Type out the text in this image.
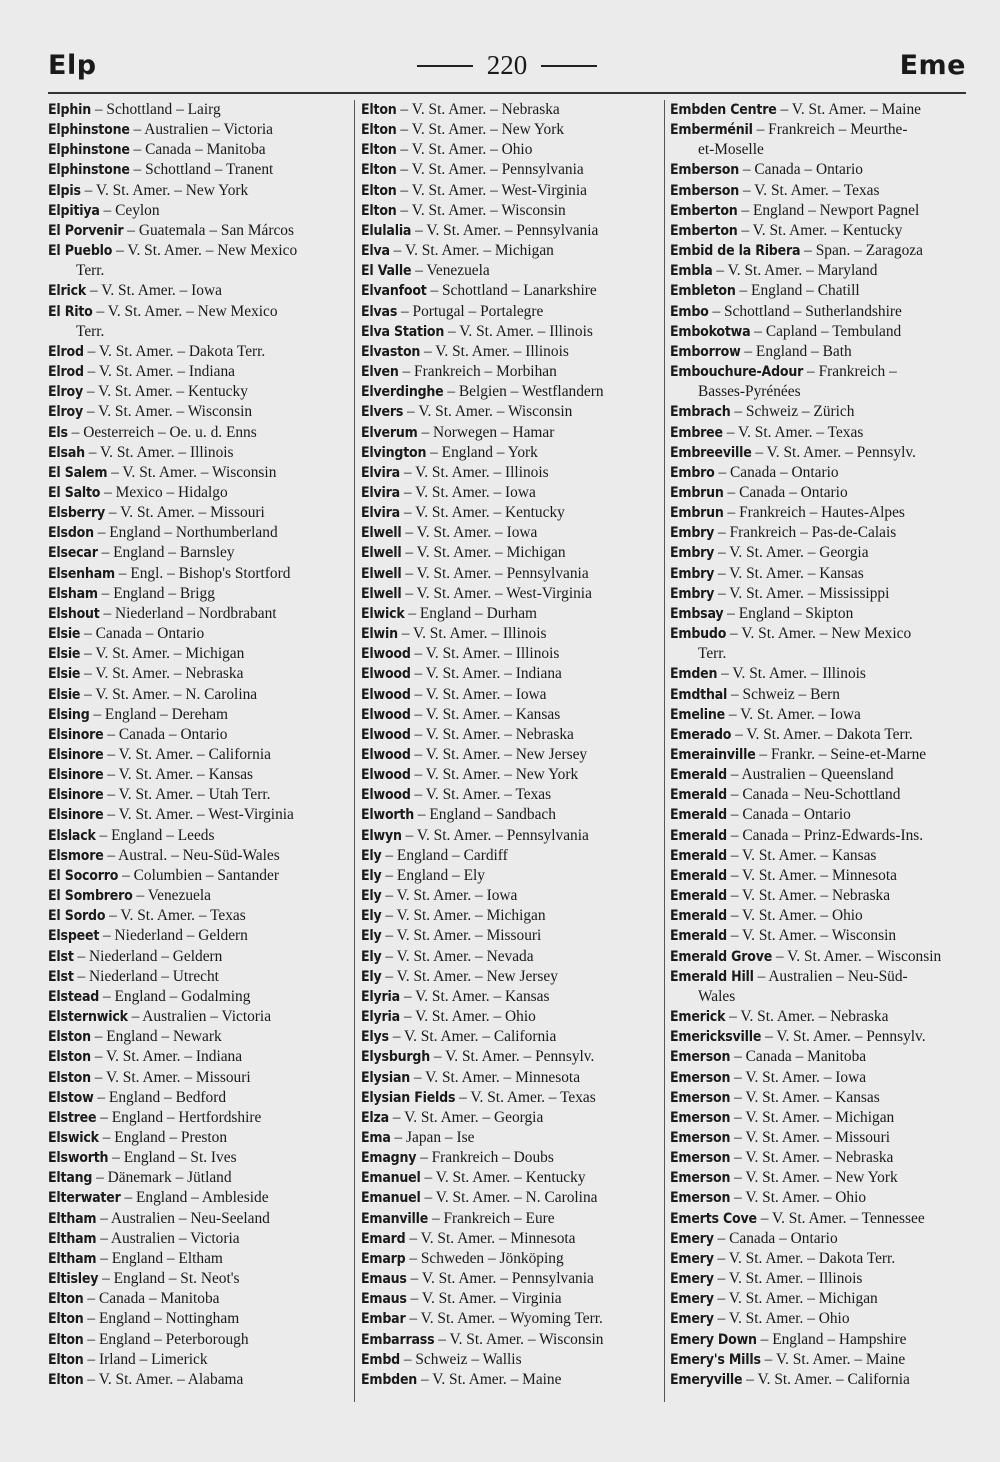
Elp	220	Eme
Elphin – Schottland – Lairg
Elphinstone – Australien – Victoria
Elphinstone – Canada – Manitoba
Elphinstone – Schottland – Tranent
Elpis – V. St. Amer. – New York
Elpitiya – Ceylon
El Porvenir – Guatemala – San Márcos
El Pueblo – V. St. Amer. – New Mexico
Terr.
Elrick – V. St. Amer. – Iowa
El Rito – V. St. Amer. – New Mexico
Terr.
Elrod – V. St. Amer. – Dakota Terr.
Elrod – V. St. Amer. – Indiana
Elroy – V. St. Amer. – Kentucky
Elroy – V. St. Amer. – Wisconsin
Els – Oesterreich – Oe. u. d. Enns
Elsah – V. St. Amer. – Illinois
El Salem – V. St. Amer. – Wisconsin
El Salto – Mexico – Hidalgo
Elsberry – V. St. Amer. – Missouri
Elsdon – England – Northumberland
Elsecar – England – Barnsley
Elsenham – Engl. – Bishop's Stortford
Elsham – England – Brigg
Elshout – Niederland – Nordbrabant
Elsie – Canada – Ontario
Elsie – V. St. Amer. – Michigan
Elsie – V. St. Amer. – Nebraska
Elsie – V. St. Amer. – N. Carolina
Elsing – England – Dereham
Elsinore – Canada – Ontario
Elsinore – V. St. Amer. – California
Elsinore – V. St. Amer. – Kansas
Elsinore – V. St. Amer. – Utah Terr.
Elsinore – V. St. Amer. – West-Virginia
Elslack – England – Leeds
Elsmore – Austral. – Neu-Süd-Wales
El Socorro – Columbien – Santander
El Sombrero – Venezuela
El Sordo – V. St. Amer. – Texas
Elspeet – Niederland – Geldern
Elst – Niederland – Geldern
Elst – Niederland – Utrecht
Elstead – England – Godalming
Elsternwick – Australien – Victoria
Elston – England – Newark
Elston – V. St. Amer. – Indiana
Elston – V. St. Amer. – Missouri
Elstow – England – Bedford
Elstree – England – Hertfordshire
Elswick – England – Preston
Elsworth – England – St. Ives
Eltang – Dänemark – Jütland
Elterwater – England – Ambleside
Eltham – Australien – Neu-Seeland
Eltham – Australien – Victoria
Eltham – England – Eltham
Eltisley – England – St. Neot's
Elton – Canada – Manitoba
Elton – England – Nottingham
Elton – England – Peterborough
Elton – Irland – Limerick
Elton – V. St. Amer. – Alabama
Elton – V. St. Amer. – Nebraska
Elton – V. St. Amer. – New York
Elton – V. St. Amer. – Ohio
Elton – V. St. Amer. – Pennsylvania
Elton – V. St. Amer. – West-Virginia
Elton – V. St. Amer. – Wisconsin
Elulalia – V. St. Amer. – Pennsylvania
Elva – V. St. Amer. – Michigan
El Valle – Venezuela
Elvanfoot – Schottland – Lanarkshire
Elvas – Portugal – Portalegre
Elva Station – V. St. Amer. – Illinois
Elvaston – V. St. Amer. – Illinois
Elven – Frankreich – Morbihan
Elverdinghe – Belgien – Westflandern
Elvers – V. St. Amer. – Wisconsin
Elverum – Norwegen – Hamar
Elvington – England – York
Elvira – V. St. Amer. – Illinois
Elvira – V. St. Amer. – Iowa
Elvira – V. St. Amer. – Kentucky
Elwell – V. St. Amer. – Iowa
Elwell – V. St. Amer. – Michigan
Elwell – V. St. Amer. – Pennsylvania
Elwell – V. St. Amer. – West-Virginia
Elwick – England – Durham
Elwin – V. St. Amer. – Illinois
Elwood – V. St. Amer. – Illinois
Elwood – V. St. Amer. – Indiana
Elwood – V. St. Amer. – Iowa
Elwood – V. St. Amer. – Kansas
Elwood – V. St. Amer. – Nebraska
Elwood – V. St. Amer. – New Jersey
Elwood – V. St. Amer. – New York
Elwood – V. St. Amer. – Texas
Elworth – England – Sandbach
Elwyn – V. St. Amer. – Pennsylvania
Ely – England – Cardiff
Ely – England – Ely
Ely – V. St. Amer. – Iowa
Ely – V. St. Amer. – Michigan
Ely – V. St. Amer. – Missouri
Ely – V. St. Amer. – Nevada
Ely – V. St. Amer. – New Jersey
Elyria – V. St. Amer. – Kansas
Elyria – V. St. Amer. – Ohio
Elys – V. St. Amer. – California
Elysburgh – V. St. Amer. – Pennsylv.
Elysian – V. St. Amer. – Minnesota
Elysian Fields – V. St. Amer. – Texas
Elza – V. St. Amer. – Georgia
Ema – Japan – Ise
Emagny – Frankreich – Doubs
Emanuel – V. St. Amer. – Kentucky
Emanuel – V. St. Amer. – N. Carolina
Emanville – Frankreich – Eure
Emard – V. St. Amer. – Minnesota
Emarp – Schweden – Jönköping
Emaus – V. St. Amer. – Pennsylvania
Emaus – V. St. Amer. – Virginia
Embar – V. St. Amer. – Wyoming Terr.
Embarrass – V. St. Amer. – Wisconsin
Embd – Schweiz – Wallis
Embden – V. St. Amer. – Maine
Embden Centre – V. St. Amer. – Maine
Emberménil – Frankreich – Meurthe-
et-Moselle
Emberson – Canada – Ontario
Emberson – V. St. Amer. – Texas
Emberton – England – Newport Pagnel
Emberton – V. St. Amer. – Kentucky
Embid de la Ribera – Span. – Zaragoza
Embla – V. St. Amer. – Maryland
Embleton – England – Chatill
Embo – Schottland – Sutherlandshire
Embokotwa – Capland – Tembuland
Emborrow – England – Bath
Embouchure-Adour – Frankreich –
Basses-Pyrénées
Embrach – Schweiz – Zürich
Embree – V. St. Amer. – Texas
Embreeville – V. St. Amer. – Pennsylv.
Embro – Canada – Ontario
Embrun – Canada – Ontario
Embrun – Frankreich – Hautes-Alpes
Embry – Frankreich – Pas-de-Calais
Embry – V. St. Amer. – Georgia
Embry – V. St. Amer. – Kansas
Embry – V. St. Amer. – Mississippi
Embsay – England – Skipton
Embudo – V. St. Amer. – New Mexico
Terr.
Emden – V. St. Amer. – Illinois
Emdthal – Schweiz – Bern
Emeline – V. St. Amer. – Iowa
Emerado – V. St. Amer. – Dakota Terr.
Emerainville – Frankr. – Seine-et-Marne
Emerald – Australien – Queensland
Emerald – Canada – Neu-Schottland
Emerald – Canada – Ontario
Emerald – Canada – Prinz-Edwards-Ins.
Emerald – V. St. Amer. – Kansas
Emerald – V. St. Amer. – Minnesota
Emerald – V. St. Amer. – Nebraska
Emerald – V. St. Amer. – Ohio
Emerald – V. St. Amer. – Wisconsin
Emerald Grove – V. St. Amer. – Wisconsin
Emerald Hill – Australien – Neu-Süd-
Wales
Emerick – V. St. Amer. – Nebraska
Emericksville – V. St. Amer. – Pennsylv.
Emerson – Canada – Manitoba
Emerson – V. St. Amer. – Iowa
Emerson – V. St. Amer. – Kansas
Emerson – V. St. Amer. – Michigan
Emerson – V. St. Amer. – Missouri
Emerson – V. St. Amer. – Nebraska
Emerson – V. St. Amer. – New York
Emerson – V. St. Amer. – Ohio
Emerts Cove – V. St. Amer. – Tennessee
Emery – Canada – Ontario
Emery – V. St. Amer. – Dakota Terr.
Emery – V. St. Amer. – Illinois
Emery – V. St. Amer. – Michigan
Emery – V. St. Amer. – Ohio
Emery Down – England – Hampshire
Emery's Mills – V. St. Amer. – Maine
Emeryville – V. St. Amer. – California
